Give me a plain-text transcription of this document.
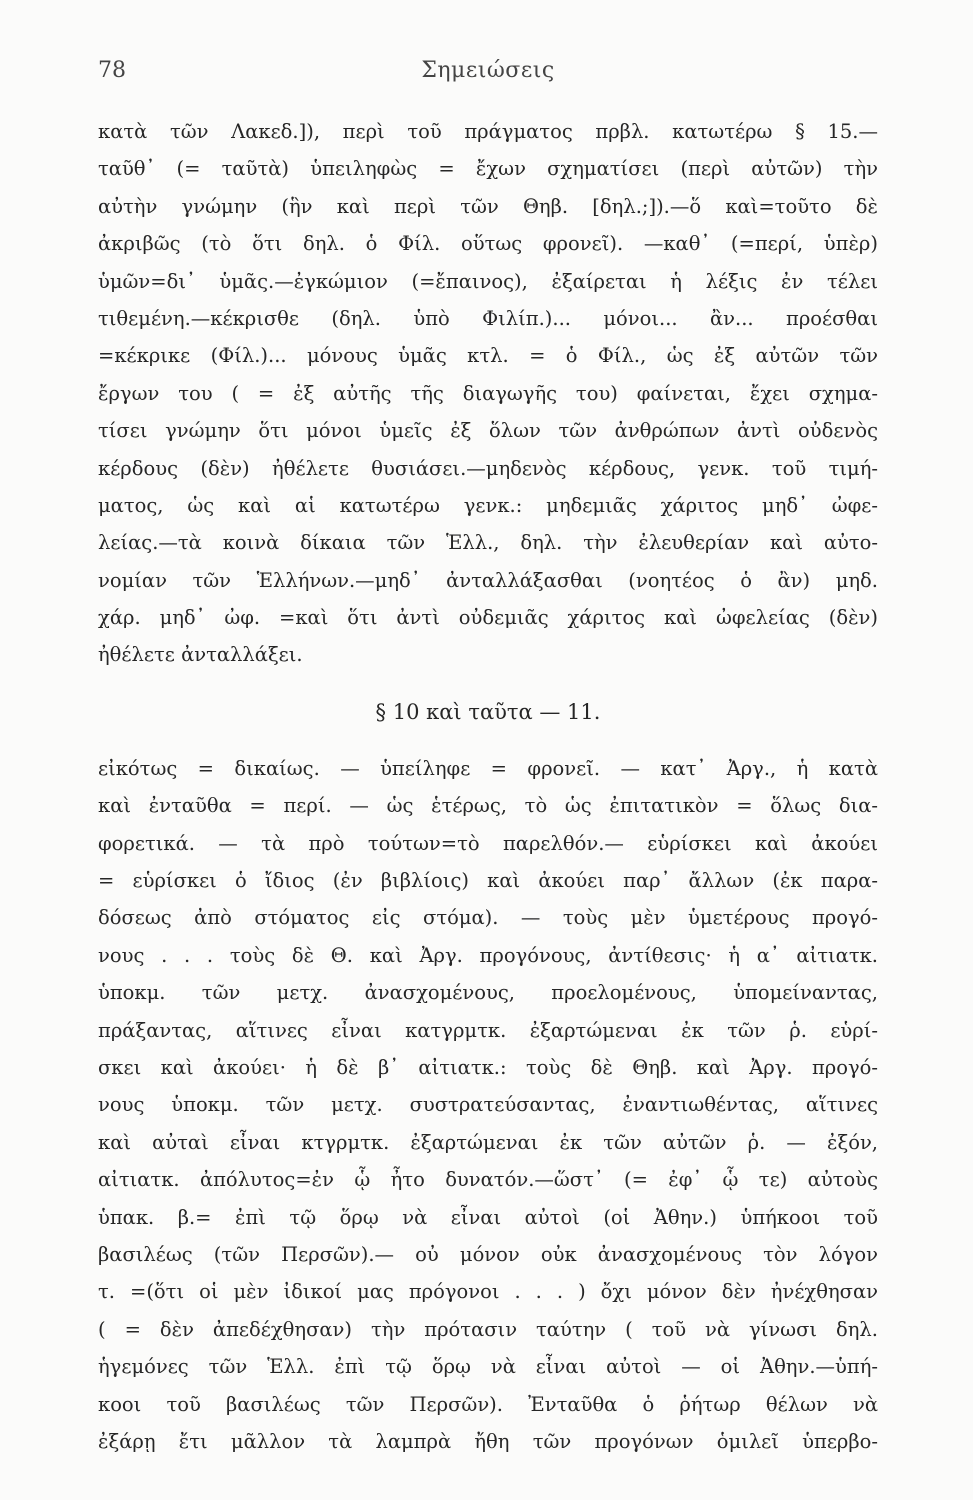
Σημειώσεις
78
κατὰ τῶν Λακεδ.]), περὶ τοῦ πράγματος πρβλ. κατωτέρω § 15.—
ταῦθ᾽ (= ταῦτὰ) ὑπειληφὼς = ἔχων σχηματίσει (περὶ αὐτῶν) τὴν
αὐτὴν γνώμην (ἣν καὶ περὶ τῶν Θηβ. [δηλ.;]).—ὅ καὶ=τοῦτο δὲ
ἀκριβῶς (τὸ ὅτι δηλ. ὁ Φίλ. οὕτως φρονεῖ). —καθ᾽ (=περί, ὑπὲρ)
ὑμῶν=δι᾽ ὑμᾶς.—ἐγκώμιον (=ἔπαινος), ἐξαίρεται ἡ λέξις ἐν τέλει
τιθεμένη.—κέκρισθε (δηλ. ὑπὸ Φιλίπ.)... μόνοι... ἂν... προέσθαι
=κέκρικε (Φίλ.)... μόνους ὑμᾶς κτλ. = ὁ Φίλ., ὡς ἐξ αὐτῶν τῶν
ἔργων του ( = ἐξ αὐτῆς τῆς διαγωγῆς του) φαίνεται, ἔχει σχημα-
τίσει γνώμην ὅτι μόνοι ὑμεῖς ἐξ ὅλων τῶν ἀνθρώπων ἀντὶ οὐδενὸς
κέρδους (δὲν) ἠθέλετε θυσιάσει.—μηδενὸς κέρδους, γενκ. τοῦ τιμή-
ματος, ὡς καὶ αἱ κατωτέρω γενκ.: μηδεμιᾶς χάριτος μηδ᾽ ὠφε-
λείας.—τὰ κοινὰ δίκαια τῶν Ἑλλ., δηλ. τὴν ἐλευθερίαν καὶ αὐτο-
νομίαν τῶν Ἑλλήνων.—μηδ᾽ ἀνταλλάξασθαι (νοητέος ὁ ἂν) μηδ.
χάρ. μηδ᾽ ὠφ. =καὶ ὅτι ἀντὶ οὐδεμιᾶς χάριτος καὶ ὠφελείας (δὲν)
ἠθέλετε ἀνταλλάξει.
§ 10 καὶ ταῦτα — 11.
εἰκότως = δικαίως. — ὑπείληφε = φρονεῖ. — κατ᾽ Ἀργ., ἡ κατὰ
καὶ ἐνταῦθα = περί. — ὡς ἑτέρως, τὸ ὡς ἐπιτατικὸν = ὅλως δια-
φορετικά. — τὰ πρὸ τούτων=τὸ παρελθόν.— εὑρίσκει καὶ ἀκούει
= εὑρίσκει ὁ ἴδιος (ἐν βιβλίοις) καὶ ἀκούει παρ᾽ ἄλλων (ἐκ παρα-
δόσεως ἀπὸ στόματος εἰς στόμα). — τοὺς μὲν ὑμετέρους προγό-
νους . . . τοὺς δὲ Θ. καὶ Ἀργ. προγόνους, ἀντίθεσις· ἡ α᾽ αἰτιατκ.
ὑποκμ. τῶν μετχ. ἀνασχομένους, προελομένους, ὑπομείναντας,
πράξαντας, αἵτινες εἶναι κατγρμτκ. ἐξαρτώμεναι ἐκ τῶν ῥ. εὑρί-
σκει καὶ ἀκούει· ἡ δὲ β᾽ αἰτιατκ.: τοὺς δὲ Θηβ. καὶ Ἀργ. προγό-
νους ὑποκμ. τῶν μετχ. συστρατεύσαντας, ἐναντιωθέντας, αἵτινες
καὶ αὐταὶ εἶναι κτγρμτκ. ἐξαρτώμεναι ἐκ τῶν αὐτῶν ῥ. — ἐξόν,
αἰτιατκ. ἀπόλυτος=ἐν ᾧ ἦτο δυνατόν.—ὥστ᾽ (= ἐφ᾽ ᾧ τε) αὐτοὺς
ὑπακ. β.= ἐπὶ τῷ ὅρῳ νὰ εἶναι αὐτοὶ (οἱ Ἀθην.) ὑπήκοοι τοῦ
βασιλέως (τῶν Περσῶν).— οὐ μόνον οὐκ ἀνασχομένους τὸν λόγον
τ. =(ὅτι οἱ μὲν ἰδικοί μας πρόγονοι . . . ) ὄχι μόνον δὲν ἠνέχθησαν
( = δὲν ἀπεδέχθησαν) τὴν πρότασιν ταύτην ( τοῦ νὰ γίνωσι δηλ.
ἡγεμόνες τῶν Ἑλλ. ἐπὶ τῷ ὅρῳ νὰ εἶναι αὐτοὶ — οἱ Ἀθην.—ὑπή-
κοοι τοῦ βασιλέως τῶν Περσῶν). Ἐνταῦθα ὁ ῥήτωρ θέλων νὰ
ἐξάρῃ ἔτι μᾶλλον τὰ λαμπρὰ ἤθη τῶν προγόνων ὁμιλεῖ ὑπερβο-
